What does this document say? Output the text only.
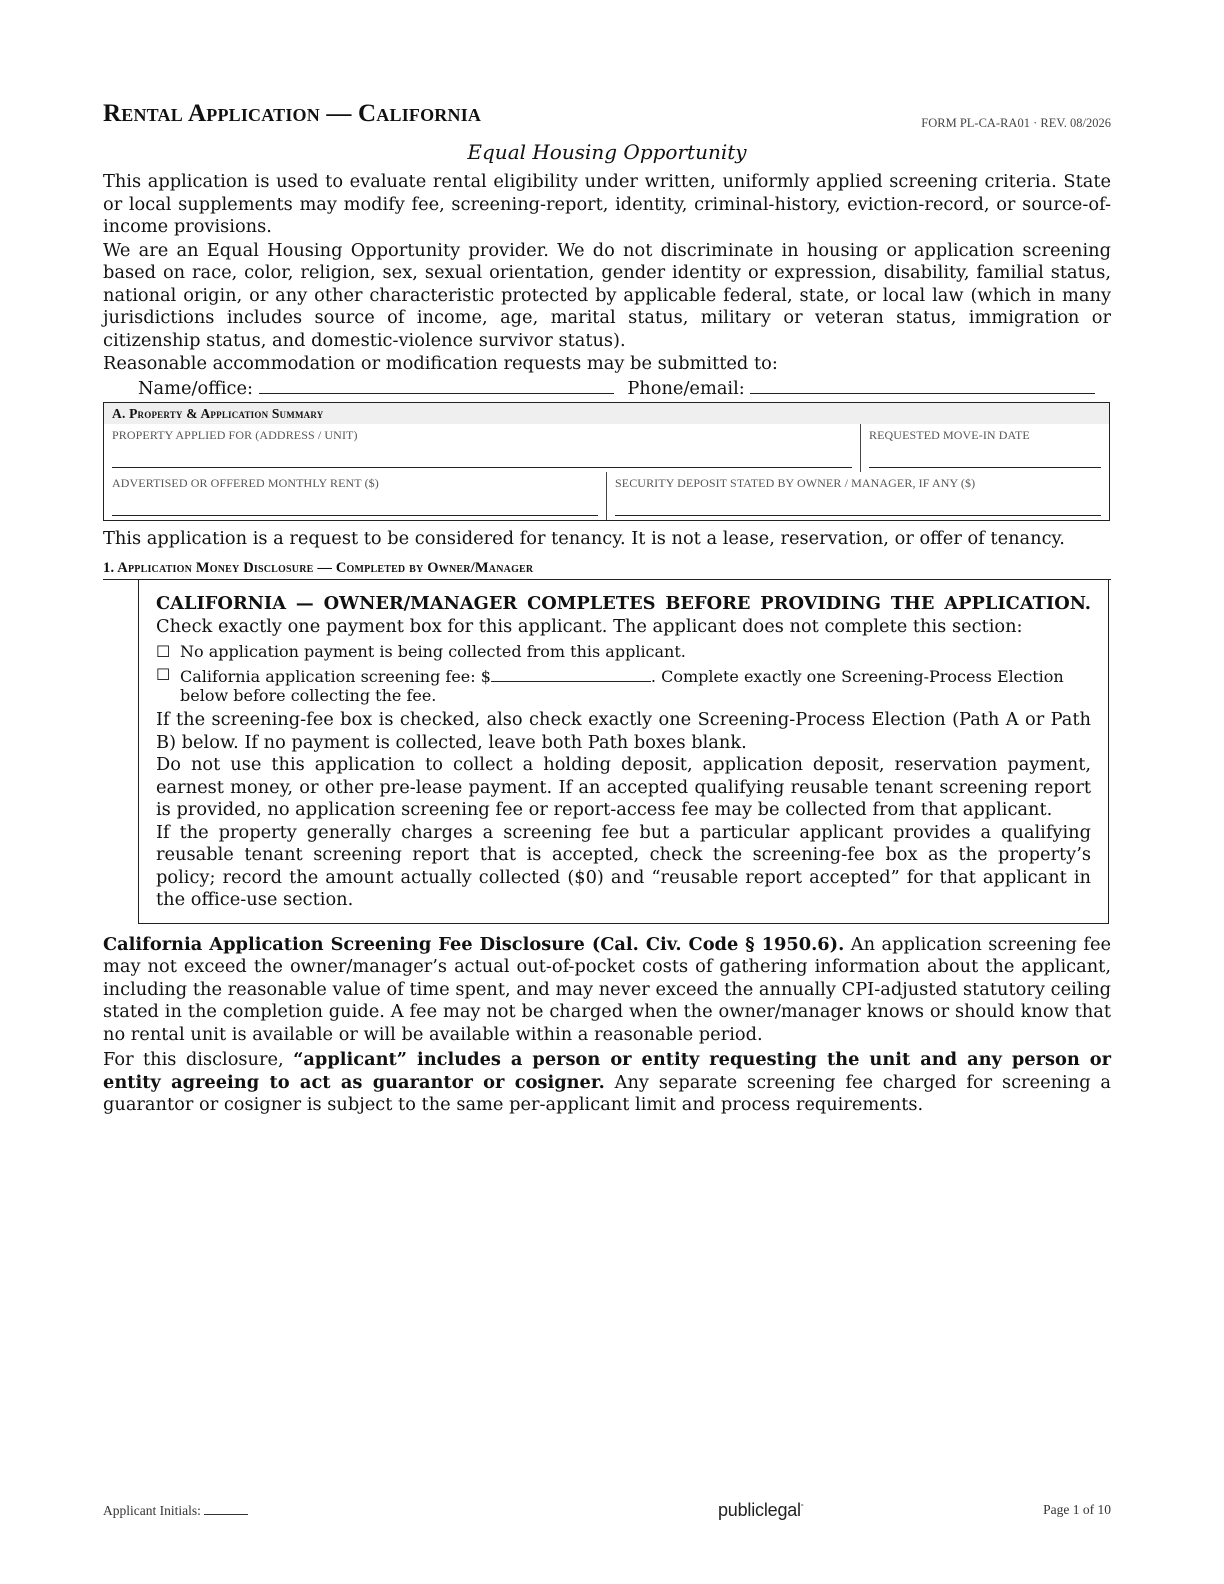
Rental Application — California	FORM PL-CA-RA01 · REV. 08/2026

Equal Housing Opportunity

This application is used to evaluate rental eligibility under written, uniformly applied screening criteria. State or local supplements may modify fee, screening-report, identity, criminal-history, eviction-record, or source-of-income provisions.

We are an Equal Housing Opportunity provider. We do not discriminate in housing or application screening based on race, color, religion, sex, sexual orientation, gender identity or expression, disability, familial status, national origin, or any other characteristic protected by applicable federal, state, or local law (which in many jurisdictions includes source of income, age, marital status, military or veteran status, immigration or citizenship status, and domestic-violence survivor status).

Reasonable accommodation or modification requests may be submitted to:

Name/office:	Phone/email:
A. Property & Application Summary
PROPERTY APPLIED FOR (ADDRESS / UNIT)	REQUESTED MOVE-IN DATE
ADVERTISED OR OFFERED MONTHLY RENT ($)	SECURITY DEPOSIT STATED BY OWNER / MANAGER, IF ANY ($)

This application is a request to be considered for tenancy. It is not a lease, reservation, or offer of tenancy.

1. Application Money Disclosure — Completed by Owner/Manager

CALIFORNIA — OWNER/MANAGER COMPLETES BEFORE PROVIDING THE APPLICATION. Check exactly one payment box for this applicant. The applicant does not complete this section:

☐ No application payment is being collected from this applicant.
☐ California application screening fee: $	. Complete exactly one Screening-Process Election below before collecting the fee.

If the screening-fee box is checked, also check exactly one Screening-Process Election (Path A or Path B) below. If no payment is collected, leave both Path boxes blank.

Do not use this application to collect a holding deposit, application deposit, reservation payment, earnest money, or other pre-lease payment. If an accepted qualifying reusable tenant screening report is provided, no application screening fee or report-access fee may be collected from that applicant.

If the property generally charges a screening fee but a particular applicant provides a qualifying reusable tenant screening report that is accepted, check the screening-fee box as the property’s policy; record the amount actually collected ($0) and “reusable report accepted” for that applicant in the office-use section.

California Application Screening Fee Disclosure (Cal. Civ. Code § 1950.6). An application screening fee may not exceed the owner/manager’s actual out-of-pocket costs of gathering information about the applicant, including the reasonable value of time spent, and may never exceed the annually CPI-adjusted statutory ceiling stated in the completion guide. A fee may not be charged when the owner/manager knows or should know that no rental unit is available or will be available within a reasonable period.

For this disclosure, “applicant” includes a person or entity requesting the unit and any person or entity agreeing to act as guarantor or cosigner. Any separate screening fee charged for screening a guarantor or cosigner is subject to the same per-applicant limit and process requirements.

Applicant Initials:	publiclegal°	Page 1 of 10
